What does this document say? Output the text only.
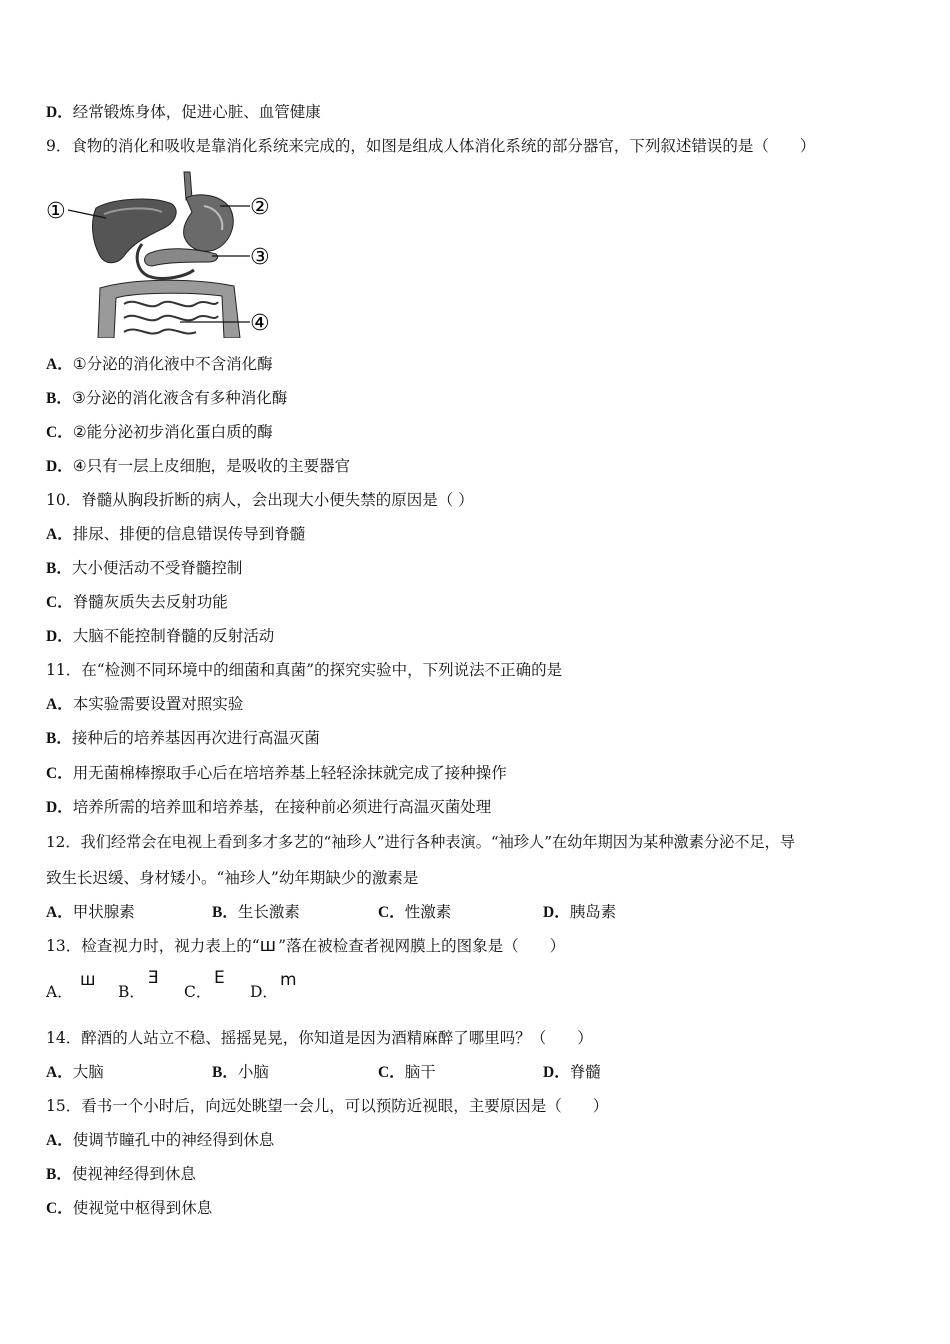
D．经常锻炼身体，促进心脏、血管健康
9．食物的消化和吸收是靠消化系统来完成的，如图是组成人体消化系统的部分器官，下列叙述错误的是（　　）
①	②
③
④
A．①分泌的消化液中不含消化酶
B．③分泌的消化液含有多种消化酶
C．②能分泌初步消化蛋白质的酶
D．④只有一层上皮细胞，是吸收的主要器官
10．脊髓从胸段折断的病人，会出现大小便失禁的原因是（ ）
A．排尿、排便的信息错误传导到脊髓
B．大小便活动不受脊髓控制
C．脊髓灰质失去反射功能
D．大脑不能控制脊髓的反射活动
11．在“检测不同环境中的细菌和真菌”的探究实验中，下列说法不正确的是
A．本实验需要设置对照实验
B．接种后的培养基因再次进行高温灭菌
C．用无菌棉棒擦取手心后在培培养基上轻轻涂抹就完成了接种操作
D．培养所需的培养皿和培养基，在接种前必须进行高温灭菌处理
12．我们经常会在电视上看到多才多艺的“袖珍人”进行各种表演。“袖珍人”在幼年期因为某种激素分泌不足，导
致生长迟缓、身材矮小。“袖珍人”幼年期缺少的激素是
A．甲状腺素	B．生长激素	C．性激素	D．胰岛素
13．检查视力时，视力表上的“ш”落在被检查者视网膜上的图象是（　　）
A．
ш
B．
Ǝ
C．
E
D．
m
14．醉酒的人站立不稳、摇摇晃晃，你知道是因为酒精麻醉了哪里吗？（　　）
A．大脑	B．小脑	C．脑干	D．脊髓
15．看书一个小时后，向远处眺望一会儿，可以预防近视眼，主要原因是（　　）
A．使调节瞳孔中的神经得到休息
B．使视神经得到休息
C．使视觉中枢得到休息
